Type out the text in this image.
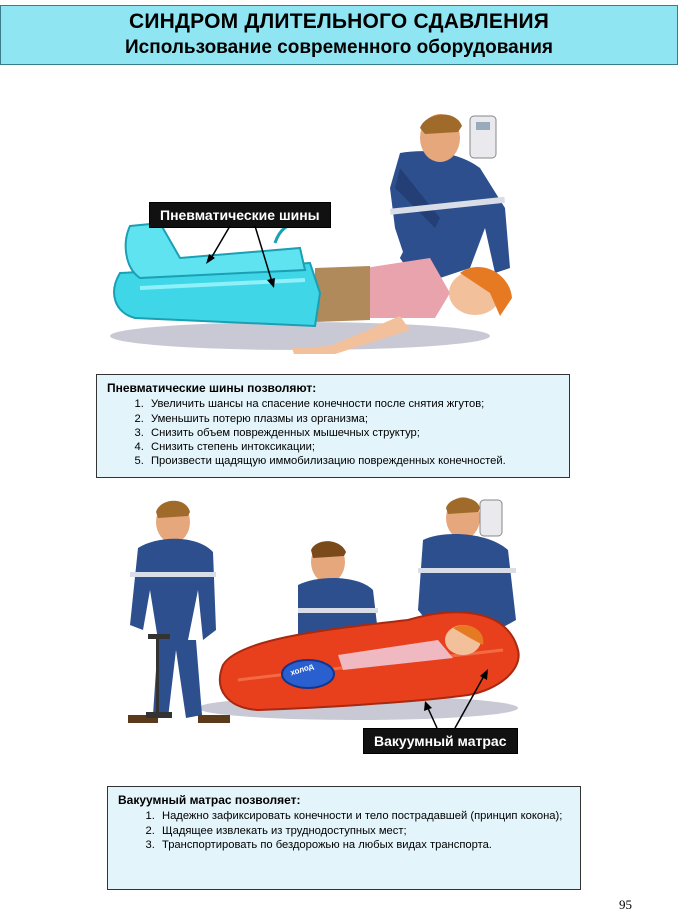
СИНДРОМ ДЛИТЕЛЬНОГО СДАВЛЕНИЯ
Использование современного оборудования
Пневматические шины
Пневматические шины позволяют:
1. Увеличить шансы на спасение конечности после снятия жгутов;
2. Уменьшить потерю плазмы из организма;
3. Снизить объем поврежденных мышечных структур;
4. Снизить степень интоксикации;
5. Произвести щадящую иммобилизацию поврежденных конечностей.
холод
Вакуумный матрас
Вакуумный матрас позволяет:
1. Надежно зафиксировать конечности и тело пострадавшей (принцип кокона);
2. Щадящее извлекать из труднодоступных мест;
3. Транспортировать по бездорожью на любых видах транспорта.
95
